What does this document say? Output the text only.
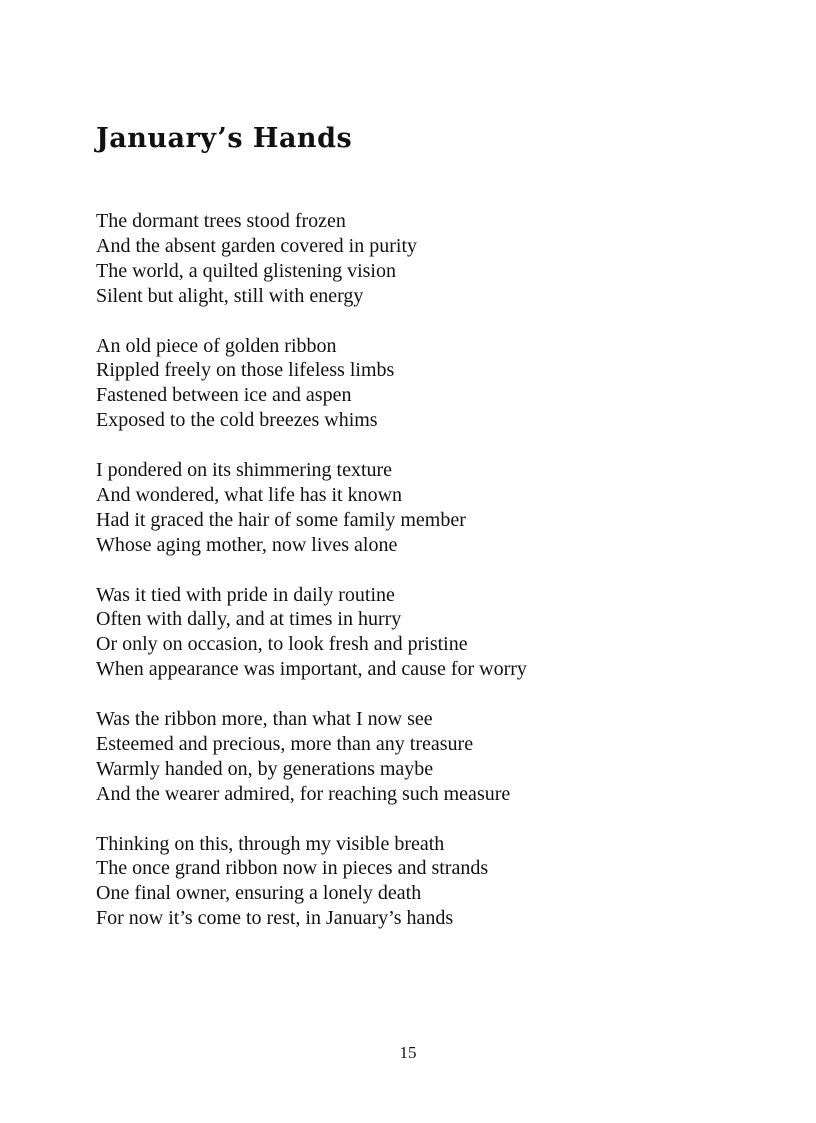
January’s Hands
The dormant trees stood frozen
And the absent garden covered in purity
The world, a quilted glistening vision
Silent but alight, still with energy
An old piece of golden ribbon
Rippled freely on those lifeless limbs
Fastened between ice and aspen
Exposed to the cold breezes whims
I pondered on its shimmering texture
And wondered, what life has it known
Had it graced the hair of some family member
Whose aging mother, now lives alone
Was it tied with pride in daily routine
Often with dally, and at times in hurry
Or only on occasion, to look fresh and pristine
When appearance was important, and cause for worry
Was the ribbon more, than what I now see
Esteemed and precious, more than any treasure
Warmly handed on, by generations maybe
And the wearer admired, for reaching such measure
Thinking on this, through my visible breath
The once grand ribbon now in pieces and strands
One final owner, ensuring a lonely death
For now it’s come to rest, in January’s hands
15
